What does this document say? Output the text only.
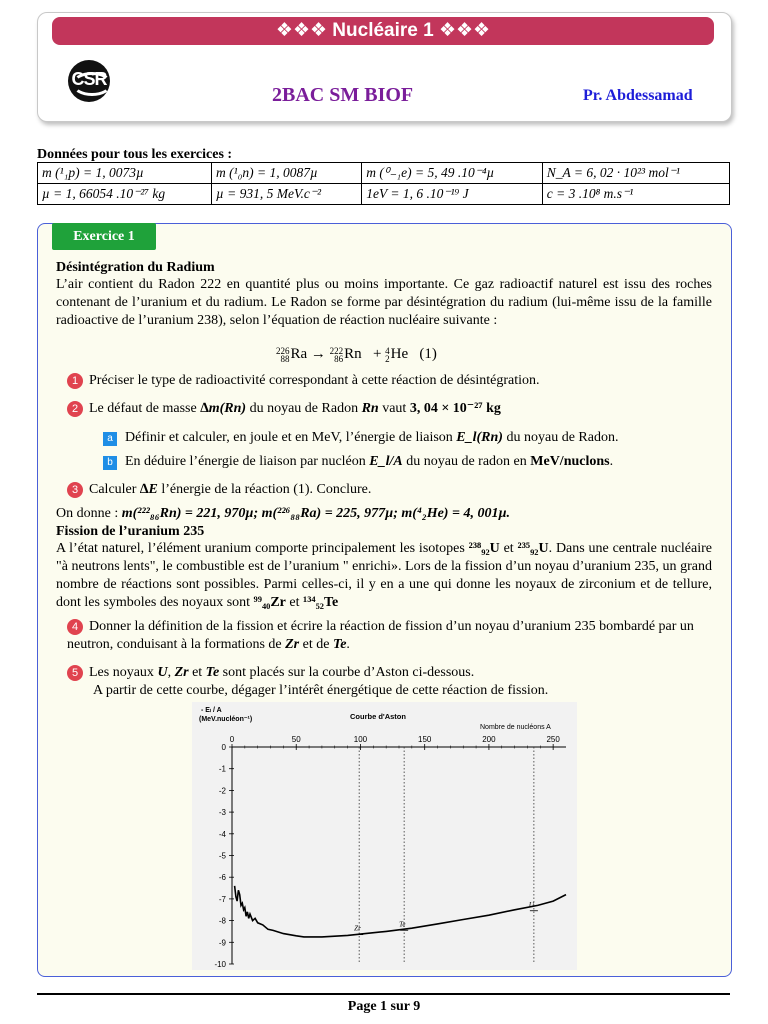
❖❖❖ Nucléaire 1 ❖❖❖
CSR
2BAC SM BIOF	Pr. Abdessamad
Données pour tous les exercices :
m (¹₁p) = 1, 0073µ	m (¹₀n) = 1, 0087µ	m (⁰₋₁e) = 5, 49 .10⁻⁴µ	N_A = 6, 02 · 10²³ mol⁻¹
µ = 1, 66054 .10⁻²⁷ kg	µ = 931, 5 MeV.c⁻²	1eV = 1, 6 .10⁻¹⁹ J	c = 3 .10⁸ m.s⁻¹
Exercice 1
Désintégration du Radium
L’air contient du Radon 222 en quantité plus ou moins importante. Ce gaz radioactif naturel est issu des roches contenant de l’uranium et du radium. Le Radon se forme par désintégration du radium (lui-même issu de la famille radioactive de l’uranium 238), selon l’équation de réaction nucléaire suivante :
226
88 Ra → 222
86 Rn + 4
2 He (1)
1 Préciser le type de radioactivité correspondant à cette réaction de désintégration.
2 Le défaut de masse ∆m(Rn) du noyau de Radon Rn vaut 3, 04 × 10⁻²⁷ kg
a Définir et calculer, en joule et en MeV, l’énergie de liaison E_l(Rn) du noyau de Radon.
b En déduire l’énergie de liaison par nucléon E_l/A du noyau de radon en MeV/nuclons.
3 Calculer ∆E l’énergie de la réaction (1). Conclure.
On donne : m(²²²₈₆Rn) = 221, 970µ; m(²²⁶₈₈Ra) = 225, 977µ; m(⁴₂He) = 4, 001µ.
Fission de l’uranium 235
A l’état naturel, l’élément uranium comporte principalement les isotopes ²³⁸₉₂U et ²³⁵₉₂U. Dans une centrale nucléaire "à neutrons lents", le combustible est de l’uranium " enrichi». Lors de la fission d’un noyau d’uranium 235, un grand nombre de réactions sont possibles. Parmi celles-ci, il y en a une qui donne les noyaux de zirconium et de tellure, dont les symboles des noyaux sont ⁹⁹₄₀Zr et ¹³⁴₅₂Te
4 Donner la définition de la fission et écrire la réaction de fission d’un noyau d’uranium 235 bombardé par un neutron, conduisant à la formations de Zr et de Te.
5 Les noyaux U, Zr et Te sont placés sur la courbe d’Aston ci-dessous.
A partir de cette courbe, dégager l’intérêt énergétique de cette réaction de fission.
- Eₗ / A
(MeV.nucléon⁻¹)	Courbe d'Aston
Nombre de nucléons A
0	50	100	150	200	250
0
-1
-2
-3
-4
-5
-6
-7
-8
-9
-10
Zr
Te
U
Page 1 sur 9
